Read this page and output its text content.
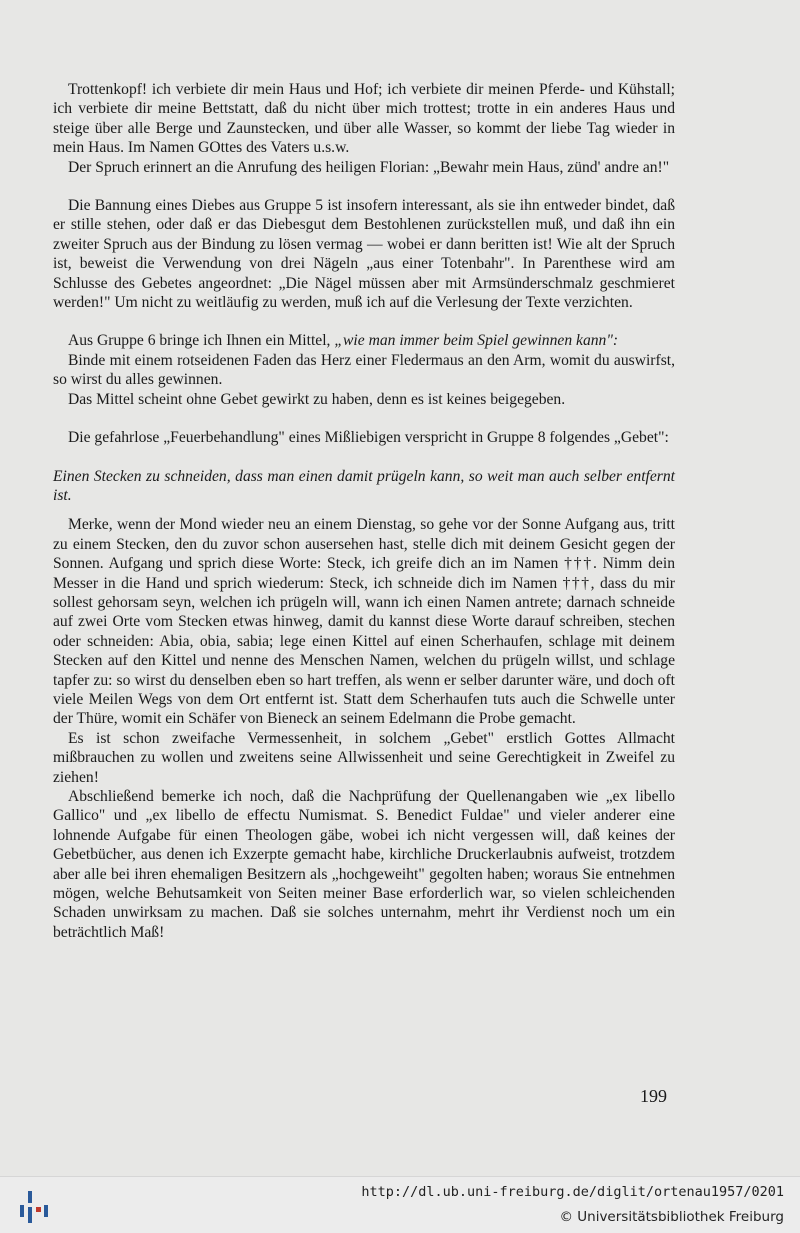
Trottenkopf! ich verbiete dir mein Haus und Hof; ich verbiete dir meinen Pferde- und Kühstall; ich verbiete dir meine Bettstatt, daß du nicht über mich trottest; trotte in ein anderes Haus und steige über alle Berge und Zaunstecken, und über alle Wasser, so kommt der liebe Tag wieder in mein Haus. Im Namen GOttes des Vaters u.s.w.

Der Spruch erinnert an die Anrufung des heiligen Florian: „Bewahr mein Haus, zünd' andre an!"

Die Bannung eines Diebes aus Gruppe 5 ist insofern interessant, als sie ihn entweder bindet, daß er stille stehen, oder daß er das Diebesgut dem Bestohlenen zurückstellen muß, und daß ihn ein zweiter Spruch aus der Bindung zu lösen vermag — wobei er dann beritten ist! Wie alt der Spruch ist, beweist die Verwendung von drei Nägeln „aus einer Totenbahr". In Parenthese wird am Schlusse des Gebetes angeordnet: „Die Nägel müssen aber mit Armsünderschmalz geschmieret werden!" Um nicht zu weitläufig zu werden, muß ich auf die Verlesung der Texte verzichten.

Aus Gruppe 6 bringe ich Ihnen ein Mittel, „wie man immer beim Spiel gewinnen kann":

Binde mit einem rotseidenen Faden das Herz einer Fledermaus an den Arm, womit du auswirfst, so wirst du alles gewinnen.

Das Mittel scheint ohne Gebet gewirkt zu haben, denn es ist keines beigegeben.

Die gefahrlose „Feuerbehandlung" eines Mißliebigen verspricht in Gruppe 8 folgendes „Gebet":

Einen Stecken zu schneiden, dass man einen damit prügeln kann, so weit man auch selber entfernt ist.

Merke, wenn der Mond wieder neu an einem Dienstag, so gehe vor der Sonne Aufgang aus, tritt zu einem Stecken, den du zuvor schon ausersehen hast, stelle dich mit deinem Gesicht gegen der Sonnen. Aufgang und sprich diese Worte: Steck, ich greife dich an im Namen †††. Nimm dein Messer in die Hand und sprich wiederum: Steck, ich schneide dich im Namen †††, dass du mir sollest gehorsam seyn, welchen ich prügeln will, wann ich einen Namen antrete; darnach schneide auf zwei Orte vom Stecken etwas hinweg, damit du kannst diese Worte darauf schreiben, stechen oder schneiden: Abia, obia, sabia; lege einen Kittel auf einen Scherhaufen, schlage mit deinem Stecken auf den Kittel und nenne des Menschen Namen, welchen du prügeln willst, und schlage tapfer zu: so wirst du denselben eben so hart treffen, als wenn er selber darunter wäre, und doch oft viele Meilen Wegs von dem Ort entfernt ist. Statt dem Scherhaufen tuts auch die Schwelle unter der Thüre, womit ein Schäfer von Bieneck an seinem Edelmann die Probe gemacht.

Es ist schon zweifache Vermessenheit, in solchem „Gebet" erstlich Gottes Allmacht mißbrauchen zu wollen und zweitens seine Allwissenheit und seine Gerechtigkeit in Zweifel zu ziehen!

Abschließend bemerke ich noch, daß die Nachprüfung der Quellenangaben wie „ex libello Gallico" und „ex libello de effectu Numismat. S. Benedict Fuldae" und vieler anderer eine lohnende Aufgabe für einen Theologen gäbe, wobei ich nicht vergessen will, daß keines der Gebetbücher, aus denen ich Exzerpte gemacht habe, kirchliche Druckerlaubnis aufweist, trotzdem aber alle bei ihren ehemaligen Besitzern als „hochgeweiht" gegolten haben; woraus Sie entnehmen mögen, welche Behutsamkeit von Seiten meiner Base erforderlich war, so vielen schleichenden Schaden unwirksam zu machen. Daß sie solches unternahm, mehrt ihr Verdienst noch um ein beträchtlich Maß!

199
http://dl.ub.uni-freiburg.de/diglit/ortenau1957/0201
© Universitätsbibliothek Freiburg
